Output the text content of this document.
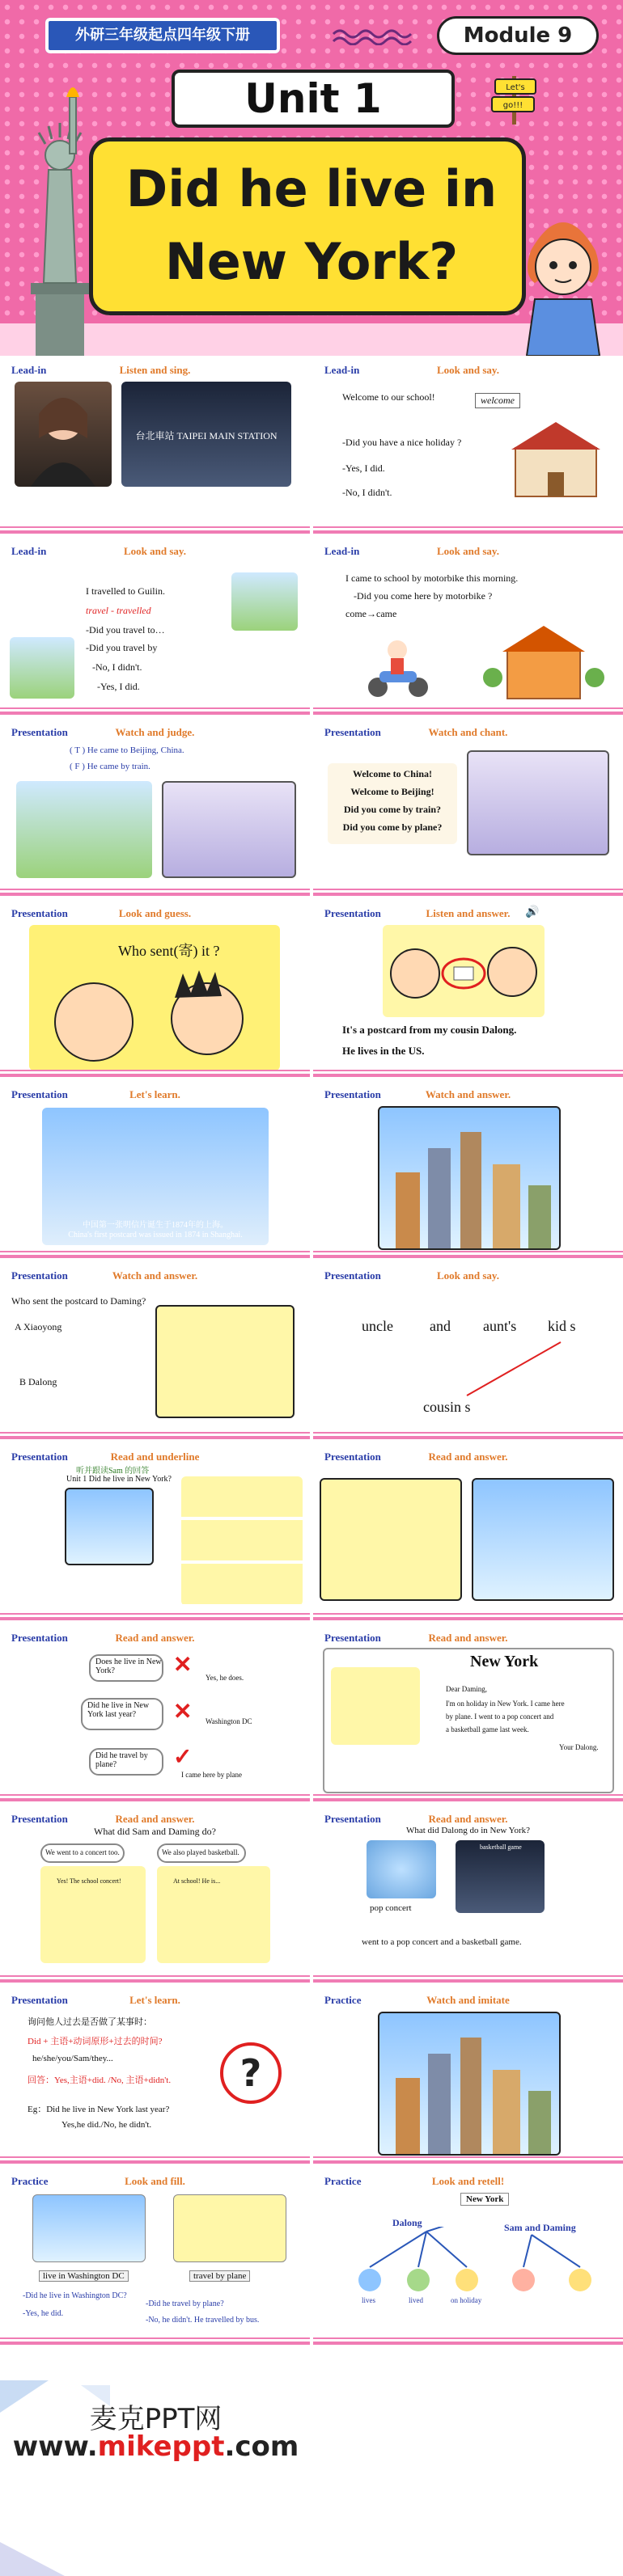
外研三年级起点四年级下册	Module 9
Unit 1	Let's
go!!!
Did he live in
New York?
Lead-in	Listen and sing.
台北車站 TAIPEI MAIN STATION
Lead-in	Look and say.
Welcome to our school!	welcome
-Did you have a nice holiday ?
-Yes, I did.
-No, I didn't.
Lead-in	Look and say.
I travelled to Guilin.
travel - travelled
-Did you travel to…
-Did you travel by
-No, I didn't.
-Yes, I did.
Lead-in	Look and say.
I came to school by motorbike this morning.
-Did you come here by motorbike ?
come→came
Presentation	Watch and judge.
( T ) He came to Beijing, China.
( F ) He came by train.
Presentation	Watch and chant.
Welcome to China!
Welcome to Beijing!
Did you come by train?
Did you come by plane?
Presentation	Look and guess.
Who sent(寄) it ?
Presentation	Listen and answer.	🔊
It's a postcard from my cousin Dalong.
He lives in the US.
Presentation	Let's learn.
中国第一张明信片诞生于1874年的上海。
China's first postcard was issued in 1874 in Shanghai.
Presentation	Watch and answer.
Presentation	Watch and answer.
Who sent the postcard to Daming?
A Xiaoyong
B Dalong
Presentation	Look and say.
uncle	and aunt's kid s
cousin s
Presentation	Read and underline
听并跟读Sam 的回答
Unit 1 Did he live in New York?
Presentation	Read and answer.
Presentation	Read and answer.
Does he live in New York?
Did he live in New York last year?
Did he travel by plane?
Yes, he does.
Washington DC
I came here by plane
✕
✕
✓
Presentation	Read and answer.
New York
Dear Daming,
I'm on holiday in New York. I came here
by plane. I went to a pop concert and
a basketball game last week.
Your Dalong.
Presentation	Read and answer.
What did Sam and Daming do?
We went to a concert too.	We also played basketball.
Yes! The school concert!	At school! He is...
Presentation	Read and answer.
What did Dalong do in New York?
pop concert
basketball game
went to a pop concert and a basketball game.
Presentation	Let's learn.
询问他人过去是否做了某事时：
Did + 主语+动词原形+过去的时间?
he/she/you/Sam/they...
回答：Yes,主语+did. /No, 主语+didn't.
Eg：Did he live in New York last year?
Yes,he did./No, he didn't.
?
Practice	Watch and imitate
Practice	Look and fill.
live in Washington DC	travel by plane
-Did he live in Washington DC?
-Yes, he did.
-Did he travel by plane?
-No, he didn't. He travelled by bus.
Practice	Look and retell!
New York
Dalong	Sam and Daming
lives	lived	on holiday
麦克PPT网
www.mikeppt.com
